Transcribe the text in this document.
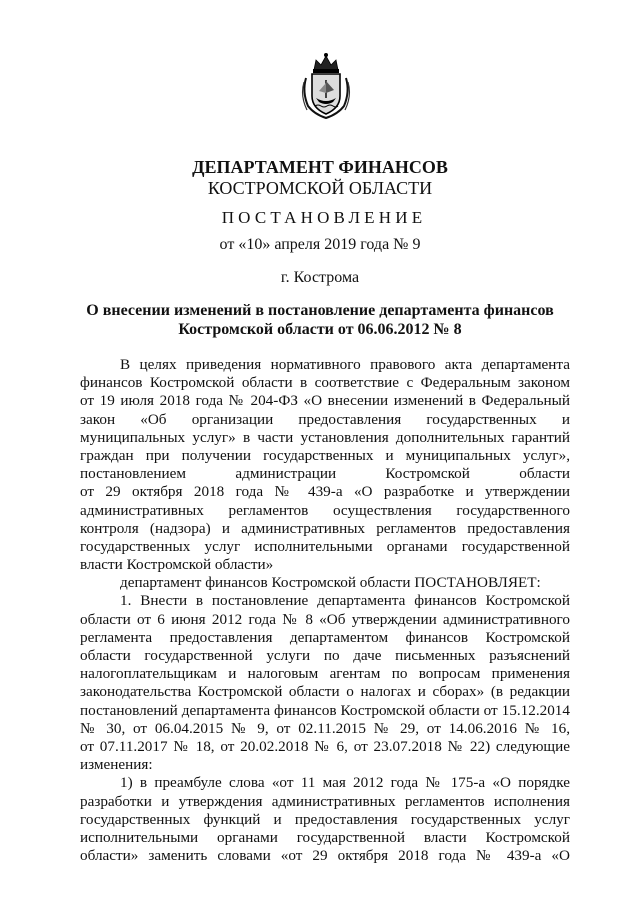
ДЕПАРТАМЕНТ ФИНАНСОВ
КОСТРОМСКОЙ ОБЛАСТИ
ПОСТАНОВЛЕНИЕ
от «10» апреля 2019 года № 9
г. Кострома
О внесении изменений в постановление департамента финансов
Костромской области от 06.06.2012 № 8
В целях приведения нормативного правового акта департамента
финансов Костромской области в соответствие с Федеральным законом
от 19 июля 2018 года № 204-ФЗ «О внесении изменений в Федеральный
закон «Об организации предоставления государственных и
муниципальных услуг» в части установления дополнительных гарантий
граждан при получении государственных и муниципальных услуг»,
постановлением администрации Костромской области
от 29 октября 2018 года № 439-а «О разработке и утверждении
административных регламентов осуществления государственного
контроля (надзора) и административных регламентов предоставления
государственных услуг исполнительными органами государственной
власти Костромской области»
департамент финансов Костромской области ПОСТАНОВЛЯЕТ:
1. Внести в постановление департамента финансов Костромской
области от 6 июня 2012 года № 8 «Об утверждении административного
регламента предоставления департаментом финансов Костромской
области государственной услуги по даче письменных разъяснений
налогоплательщикам и налоговым агентам по вопросам применения
законодательства Костромской области о налогах и сборах» (в редакции
постановлений департамента финансов Костромской области от 15.12.2014
№ 30, от 06.04.2015 № 9, от 02.11.2015 № 29, от 14.06.2016 № 16,
от 07.11.2017 № 18, от 20.02.2018 № 6, от 23.07.2018 № 22) следующие
изменения:
1) в преамбуле слова «от 11 мая 2012 года № 175-а «О порядке
разработки и утверждения административных регламентов исполнения
государственных функций и предоставления государственных услуг
исполнительными органами государственной власти Костромской
области» заменить словами «от 29 октября 2018 года № 439-а «О
